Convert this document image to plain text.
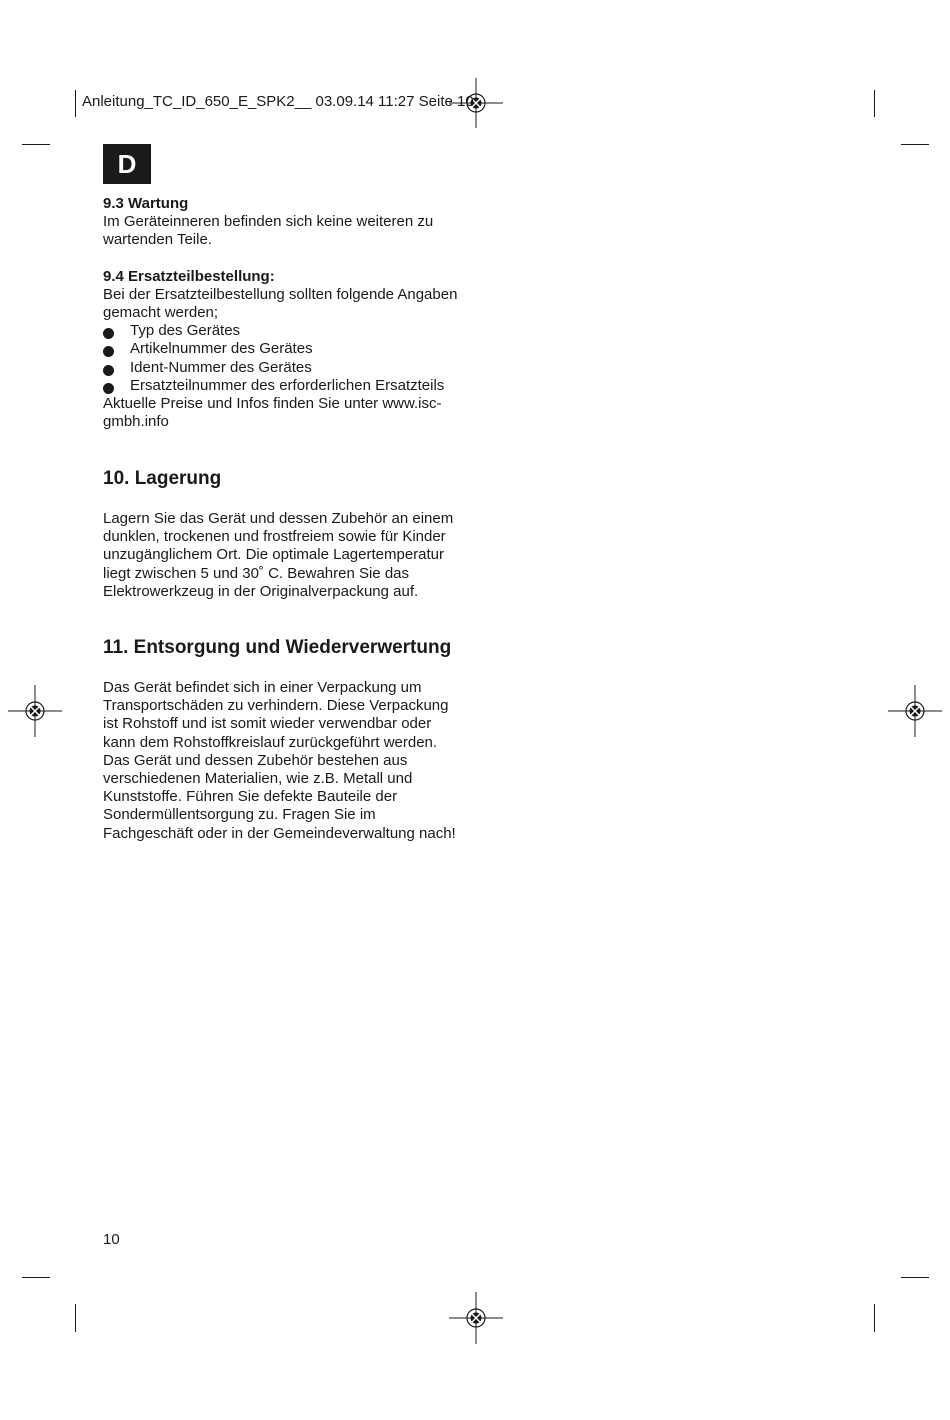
Anleitung_TC_ID_650_E_SPK2__ 03.09.14 11:27 Seite 10
D
9.3 Wartung
Im Geräteinneren befinden sich keine weiteren zu wartenden Teile.
9.4 Ersatzteilbestellung:
Bei der Ersatzteilbestellung sollten folgende Angaben gemacht werden;
Typ des Gerätes
Artikelnummer des Gerätes
Ident-Nummer des Gerätes
Ersatzteilnummer des erforderlichen Ersatzteils
Aktuelle Preise und Infos finden Sie unter www.isc-gmbh.info
10. Lagerung
Lagern Sie das Gerät und dessen Zubehör an einem dunklen, trockenen und frostfreiem sowie für Kinder unzugänglichem Ort. Die optimale Lagertemperatur liegt zwischen 5 und 30˚ C. Bewahren Sie das Elektrowerkzeug in der Originalverpackung auf.
11. Entsorgung und Wiederverwertung
Das Gerät befindet sich in einer Verpackung um Transportschäden zu verhindern. Diese Verpackung ist Rohstoff und ist somit wieder verwendbar oder kann dem Rohstoffkreislauf zurückgeführt werden. Das Gerät und dessen Zubehör bestehen aus verschiedenen Materialien, wie z.B. Metall und Kunststoffe. Führen Sie defekte Bauteile der Sondermüllentsorgung zu. Fragen Sie im Fachgeschäft oder in der Gemeindeverwaltung nach!
10
